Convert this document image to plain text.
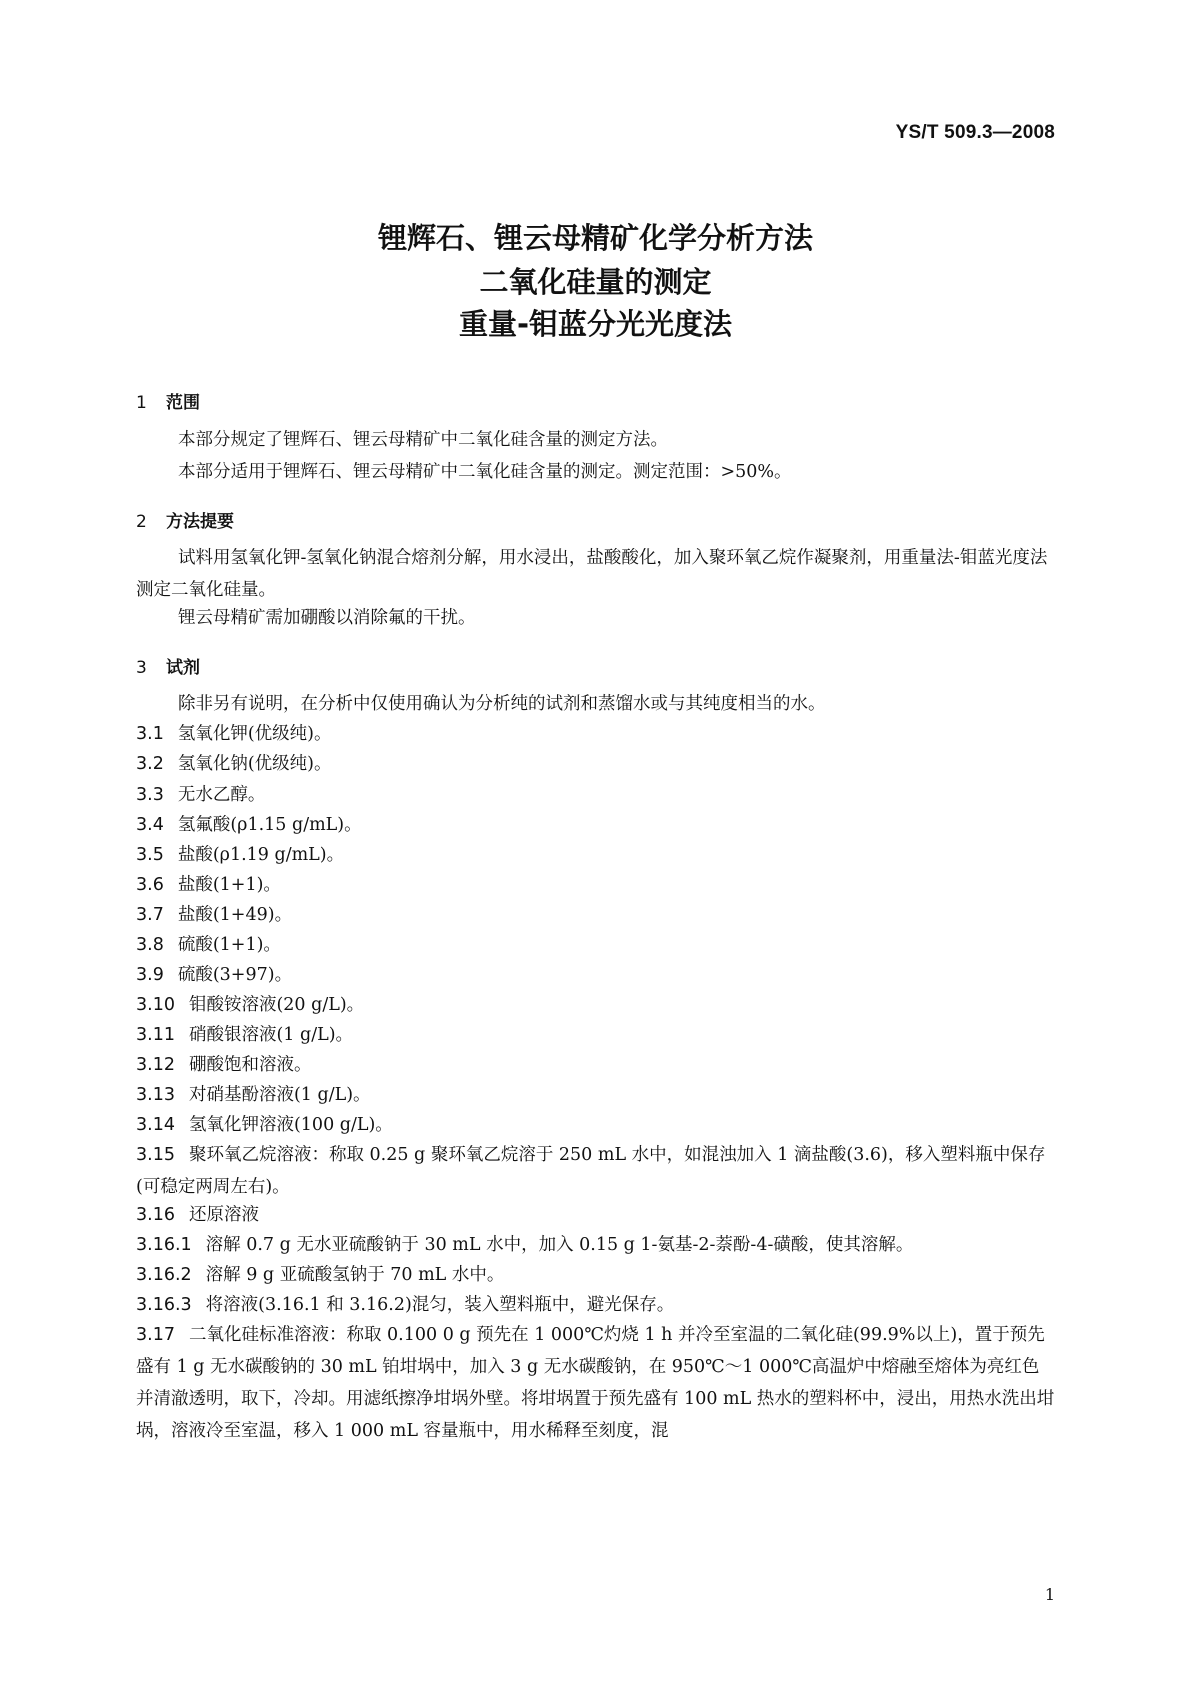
YS/T 509.3—2008
锂辉石、锂云母精矿化学分析方法
二氧化硅量的测定
重量-钼蓝分光光度法
1 范围
本部分规定了锂辉石、锂云母精矿中二氧化硅含量的测定方法。
本部分适用于锂辉石、锂云母精矿中二氧化硅含量的测定。测定范围：>50%。
2 方法提要
试料用氢氧化钾-氢氧化钠混合熔剂分解，用水浸出，盐酸酸化，加入聚环氧乙烷作凝聚剂，用重量法-钼蓝光度法测定二氧化硅量。
锂云母精矿需加硼酸以消除氟的干扰。
3 试剂
除非另有说明，在分析中仅使用确认为分析纯的试剂和蒸馏水或与其纯度相当的水。
3.1 氢氧化钾(优级纯)。
3.2 氢氧化钠(优级纯)。
3.3 无水乙醇。
3.4 氢氟酸(ρ1.15 g/mL)。
3.5 盐酸(ρ1.19 g/mL)。
3.6 盐酸(1+1)。
3.7 盐酸(1+49)。
3.8 硫酸(1+1)。
3.9 硫酸(3+97)。
3.10 钼酸铵溶液(20 g/L)。
3.11 硝酸银溶液(1 g/L)。
3.12 硼酸饱和溶液。
3.13 对硝基酚溶液(1 g/L)。
3.14 氢氧化钾溶液(100 g/L)。
3.15 聚环氧乙烷溶液：称取 0.25 g 聚环氧乙烷溶于 250 mL 水中，如混浊加入 1 滴盐酸(3.6)，移入塑料瓶中保存(可稳定两周左右)。
3.16 还原溶液
3.16.1 溶解 0.7 g 无水亚硫酸钠于 30 mL 水中，加入 0.15 g 1-氨基-2-萘酚-4-磺酸，使其溶解。
3.16.2 溶解 9 g 亚硫酸氢钠于 70 mL 水中。
3.16.3 将溶液(3.16.1 和 3.16.2)混匀，装入塑料瓶中，避光保存。
3.17 二氧化硅标准溶液：称取 0.100 0 g 预先在 1 000℃灼烧 1 h 并冷至室温的二氧化硅(99.9%以上)，置于预先盛有 1 g 无水碳酸钠的 30 mL 铂坩埚中，加入 3 g 无水碳酸钠，在 950℃～1 000℃高温炉中熔融至熔体为亮红色并清澈透明，取下，冷却。用滤纸擦净坩埚外壁。将坩埚置于预先盛有 100 mL 热水的塑料杯中，浸出，用热水洗出坩埚，溶液冷至室温，移入 1 000 mL 容量瓶中，用水稀释至刻度，混
1
